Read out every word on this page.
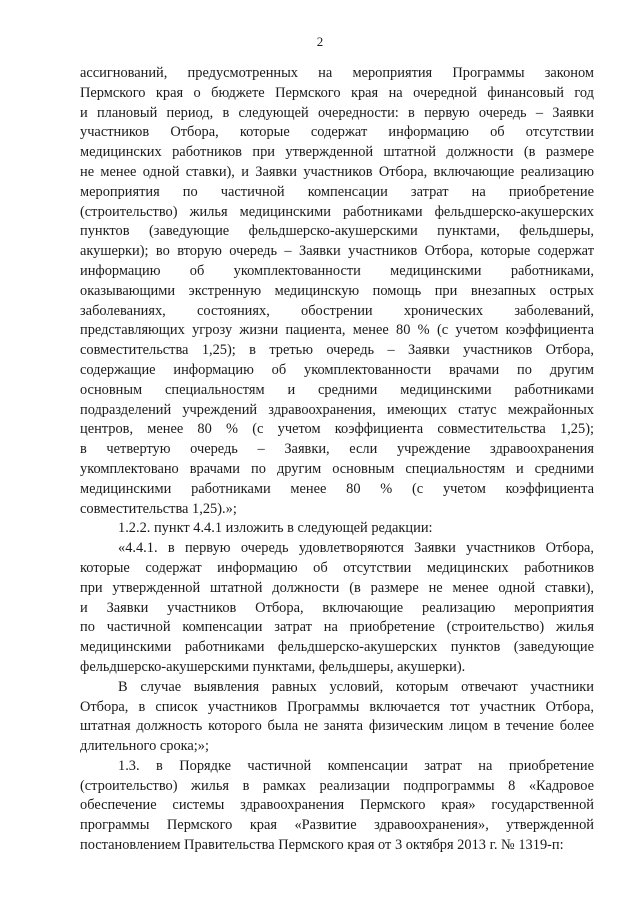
2
ассигнований, предусмотренных на мероприятия Программы законом
Пермского края о бюджете Пермского края на очередной финансовый год
и плановый период, в следующей очередности: в первую очередь – Заявки
участников Отбора, которые содержат информацию об отсутствии
медицинских работников при утвержденной штатной должности (в размере
не менее одной ставки), и Заявки участников Отбора, включающие реализацию
мероприятия по частичной компенсации затрат на приобретение
(строительство) жилья медицинскими работниками фельдшерско-акушерских
пунктов (заведующие фельдшерско-акушерскими пунктами, фельдшеры,
акушерки); во вторую очередь – Заявки участников Отбора, которые содержат
информацию об укомплектованности медицинскими работниками,
оказывающими экстренную медицинскую помощь при внезапных острых
заболеваниях, состояниях, обострении хронических заболеваний,
представляющих угрозу жизни пациента, менее 80 % (с учетом коэффициента
совместительства 1,25); в третью очередь – Заявки участников Отбора,
содержащие информацию об укомплектованности врачами по другим
основным специальностям и средними медицинскими работниками
подразделений учреждений здравоохранения, имеющих статус межрайонных
центров, менее 80 % (с учетом коэффициента совместительства 1,25);
в четвертую очередь – Заявки, если учреждение здравоохранения
укомплектовано врачами по другим основным специальностям и средними
медицинскими работниками менее 80 % (с учетом коэффициента
совместительства 1,25).»;
1.2.2. пункт 4.4.1 изложить в следующей редакции:
«4.4.1. в первую очередь удовлетворяются Заявки участников Отбора,
которые содержат информацию об отсутствии медицинских работников
при утвержденной штатной должности (в размере не менее одной ставки),
и Заявки участников Отбора, включающие реализацию мероприятия
по частичной компенсации затрат на приобретение (строительство) жилья
медицинскими работниками фельдшерско-акушерских пунктов (заведующие
фельдшерско-акушерскими пунктами, фельдшеры, акушерки).
В случае выявления равных условий, которым отвечают участники
Отбора, в список участников Программы включается тот участник Отбора,
штатная должность которого была не занята физическим лицом в течение более
длительного срока;»;
1.3. в Порядке частичной компенсации затрат на приобретение
(строительство) жилья в рамках реализации подпрограммы 8 «Кадровое
обеспечение системы здравоохранения Пермского края» государственной
программы Пермского края «Развитие здравоохранения», утвержденной
постановлением Правительства Пермского края от 3 октября 2013 г. № 1319-п:
